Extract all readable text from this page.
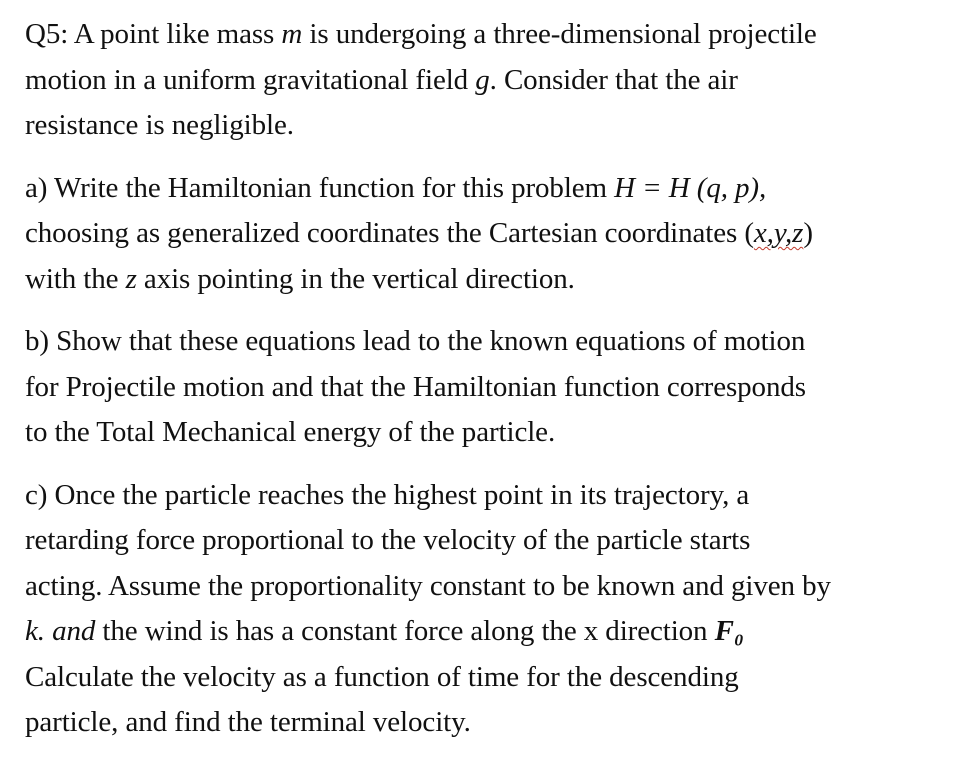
Q5: A point like mass m is undergoing a three-dimensional projectile
motion in a uniform gravitational field g. Consider that the air
resistance is negligible.

a) Write the Hamiltonian function for this problem H = H (q, p),
choosing as generalized coordinates the Cartesian coordinates (x,y,z)
with the z axis pointing in the vertical direction.

b) Show that these equations lead to the known equations of motion
for Projectile motion and that the Hamiltonian function corresponds
to the Total Mechanical energy of the particle.

c) Once the particle reaches the highest point in its trajectory, a
retarding force proportional to the velocity of the particle starts
acting. Assume the proportionality constant to be known and given by
k. and the wind is has a constant force along the x direction F₀
Calculate the velocity as a function of time for the descending
particle, and find the terminal velocity.
